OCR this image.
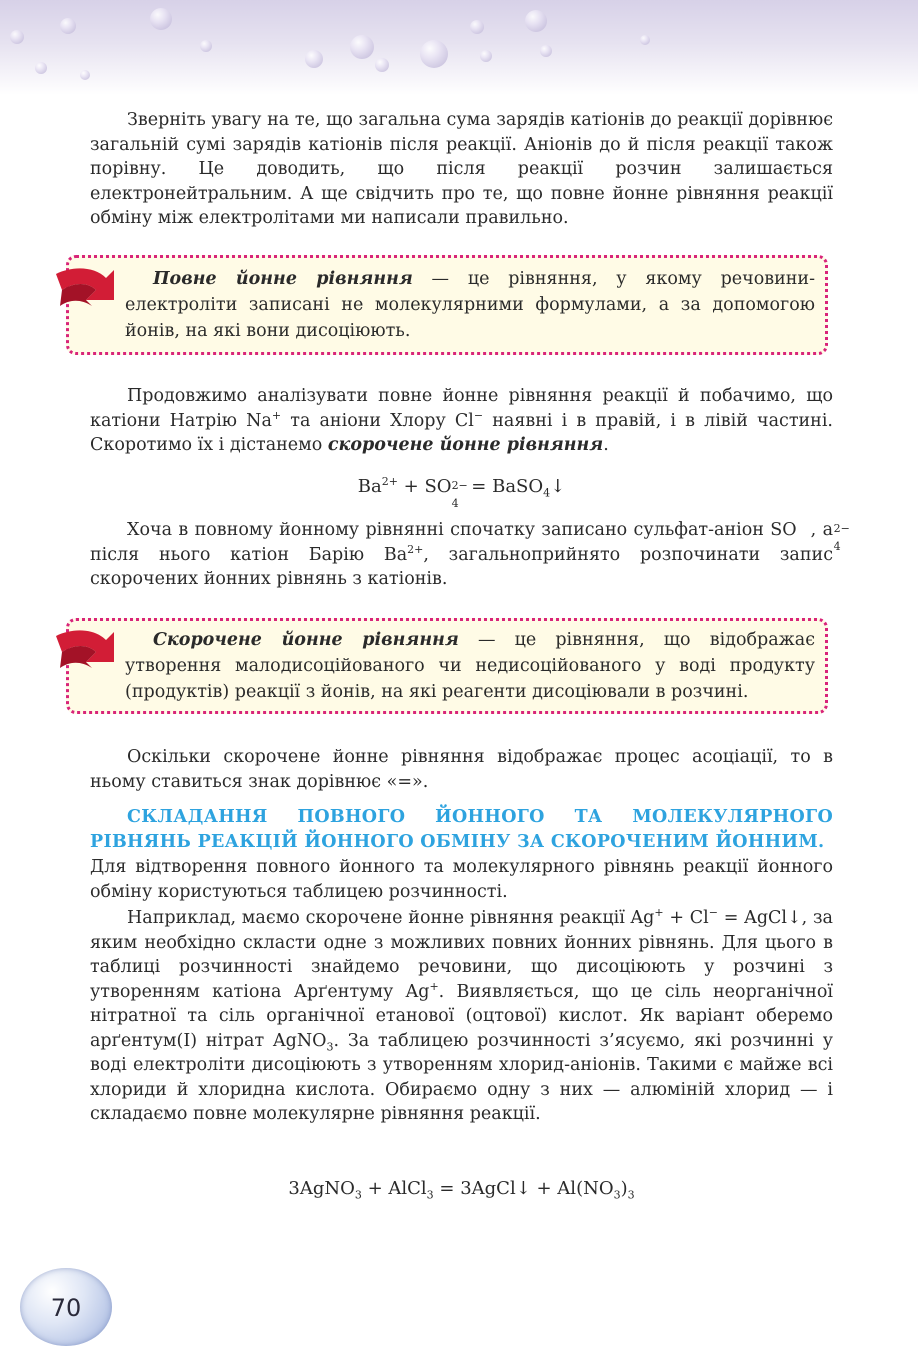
Зверніть увагу на те, що загальна сума зарядів катіонів до реакції дорівнює загальній сумі зарядів катіонів після реакції. Аніонів до й після реакції також порівну. Це доводить, що після реакції розчин залишається електронейтральним. А ще свідчить про те, що повне йонне рівняння реакції обміну між електролітами ми написали правильно.

Повне йонне рівняння — це рівняння, у якому речовини-електроліти записані не молекулярними формулами, а за допомогою йонів, на які вони дисоціюють.

Продовжимо аналізувати повне йонне рівняння реакції й побачимо, що катіони Натрію Na+ та аніони Хлору Cl− наявні і в правій, і в лівій частині. Скоротимо їх і дістанемо скорочене йонне рівняння.

$Ba^{2+}$ + SO 2−
4
= BaSO$_4$↓

Хоча в повному йонному рівнянні спочатку записано сульфат-аніон SO	2−
4
, а після нього катіон Барію $Ba^{2+}$, загальноприйнято розпочинати запис скорочених йонних рівнянь з катіонів.

Скорочене йонне рівняння — це рівняння, що відображає утворення малодисоційованого чи недисоційованого у воді продукту (продуктів) реакції з йонів, на які реагенти дисоціювали в розчині.

Оскільки скорочене йонне рівняння відображає процес асоціації, то в ньому ставиться знак дорівнює «=».

СКЛАДАННЯ ПОВНОГО ЙОННОГО ТА МОЛЕКУЛЯРНОГО РІВНЯНЬ РЕАКЦІЙ ЙОННОГО ОБМІНУ ЗА СКОРОЧЕНИМ ЙОННИМ.

Для відтворення повного йонного та молекулярного рівнянь реакції йонного обміну користуються таблицею розчинності.

Наприклад, маємо скорочене йонне рівняння реакції Ag+ + Cl− = AgCl↓, за яким необхідно скласти одне з можливих повних йонних рівнянь. Для цього в таблиці розчинності знайдемо речовини, що дисоціюють у розчині з утворенням катіона Арґентуму Ag+. Виявляється, що це сіль неорганічної нітратної та сіль органічної етанової (оцтової) кислот. Як варіант оберемо арґентум(І) нітрат AgNO$_3$. За таблицею розчинності з’ясуємо, які розчинні у воді електроліти дисоціюють з утворенням хлорид-аніонів. Такими є майже всі хлориди й хлоридна кислота. Обираємо одну з них — алюміній хлорид — і складаємо повне молекулярне рівняння реакції.

3AgNO$_3$ + AlCl$_3$ = 3AgCl↓ + $Al(NO_3)_3$
70
